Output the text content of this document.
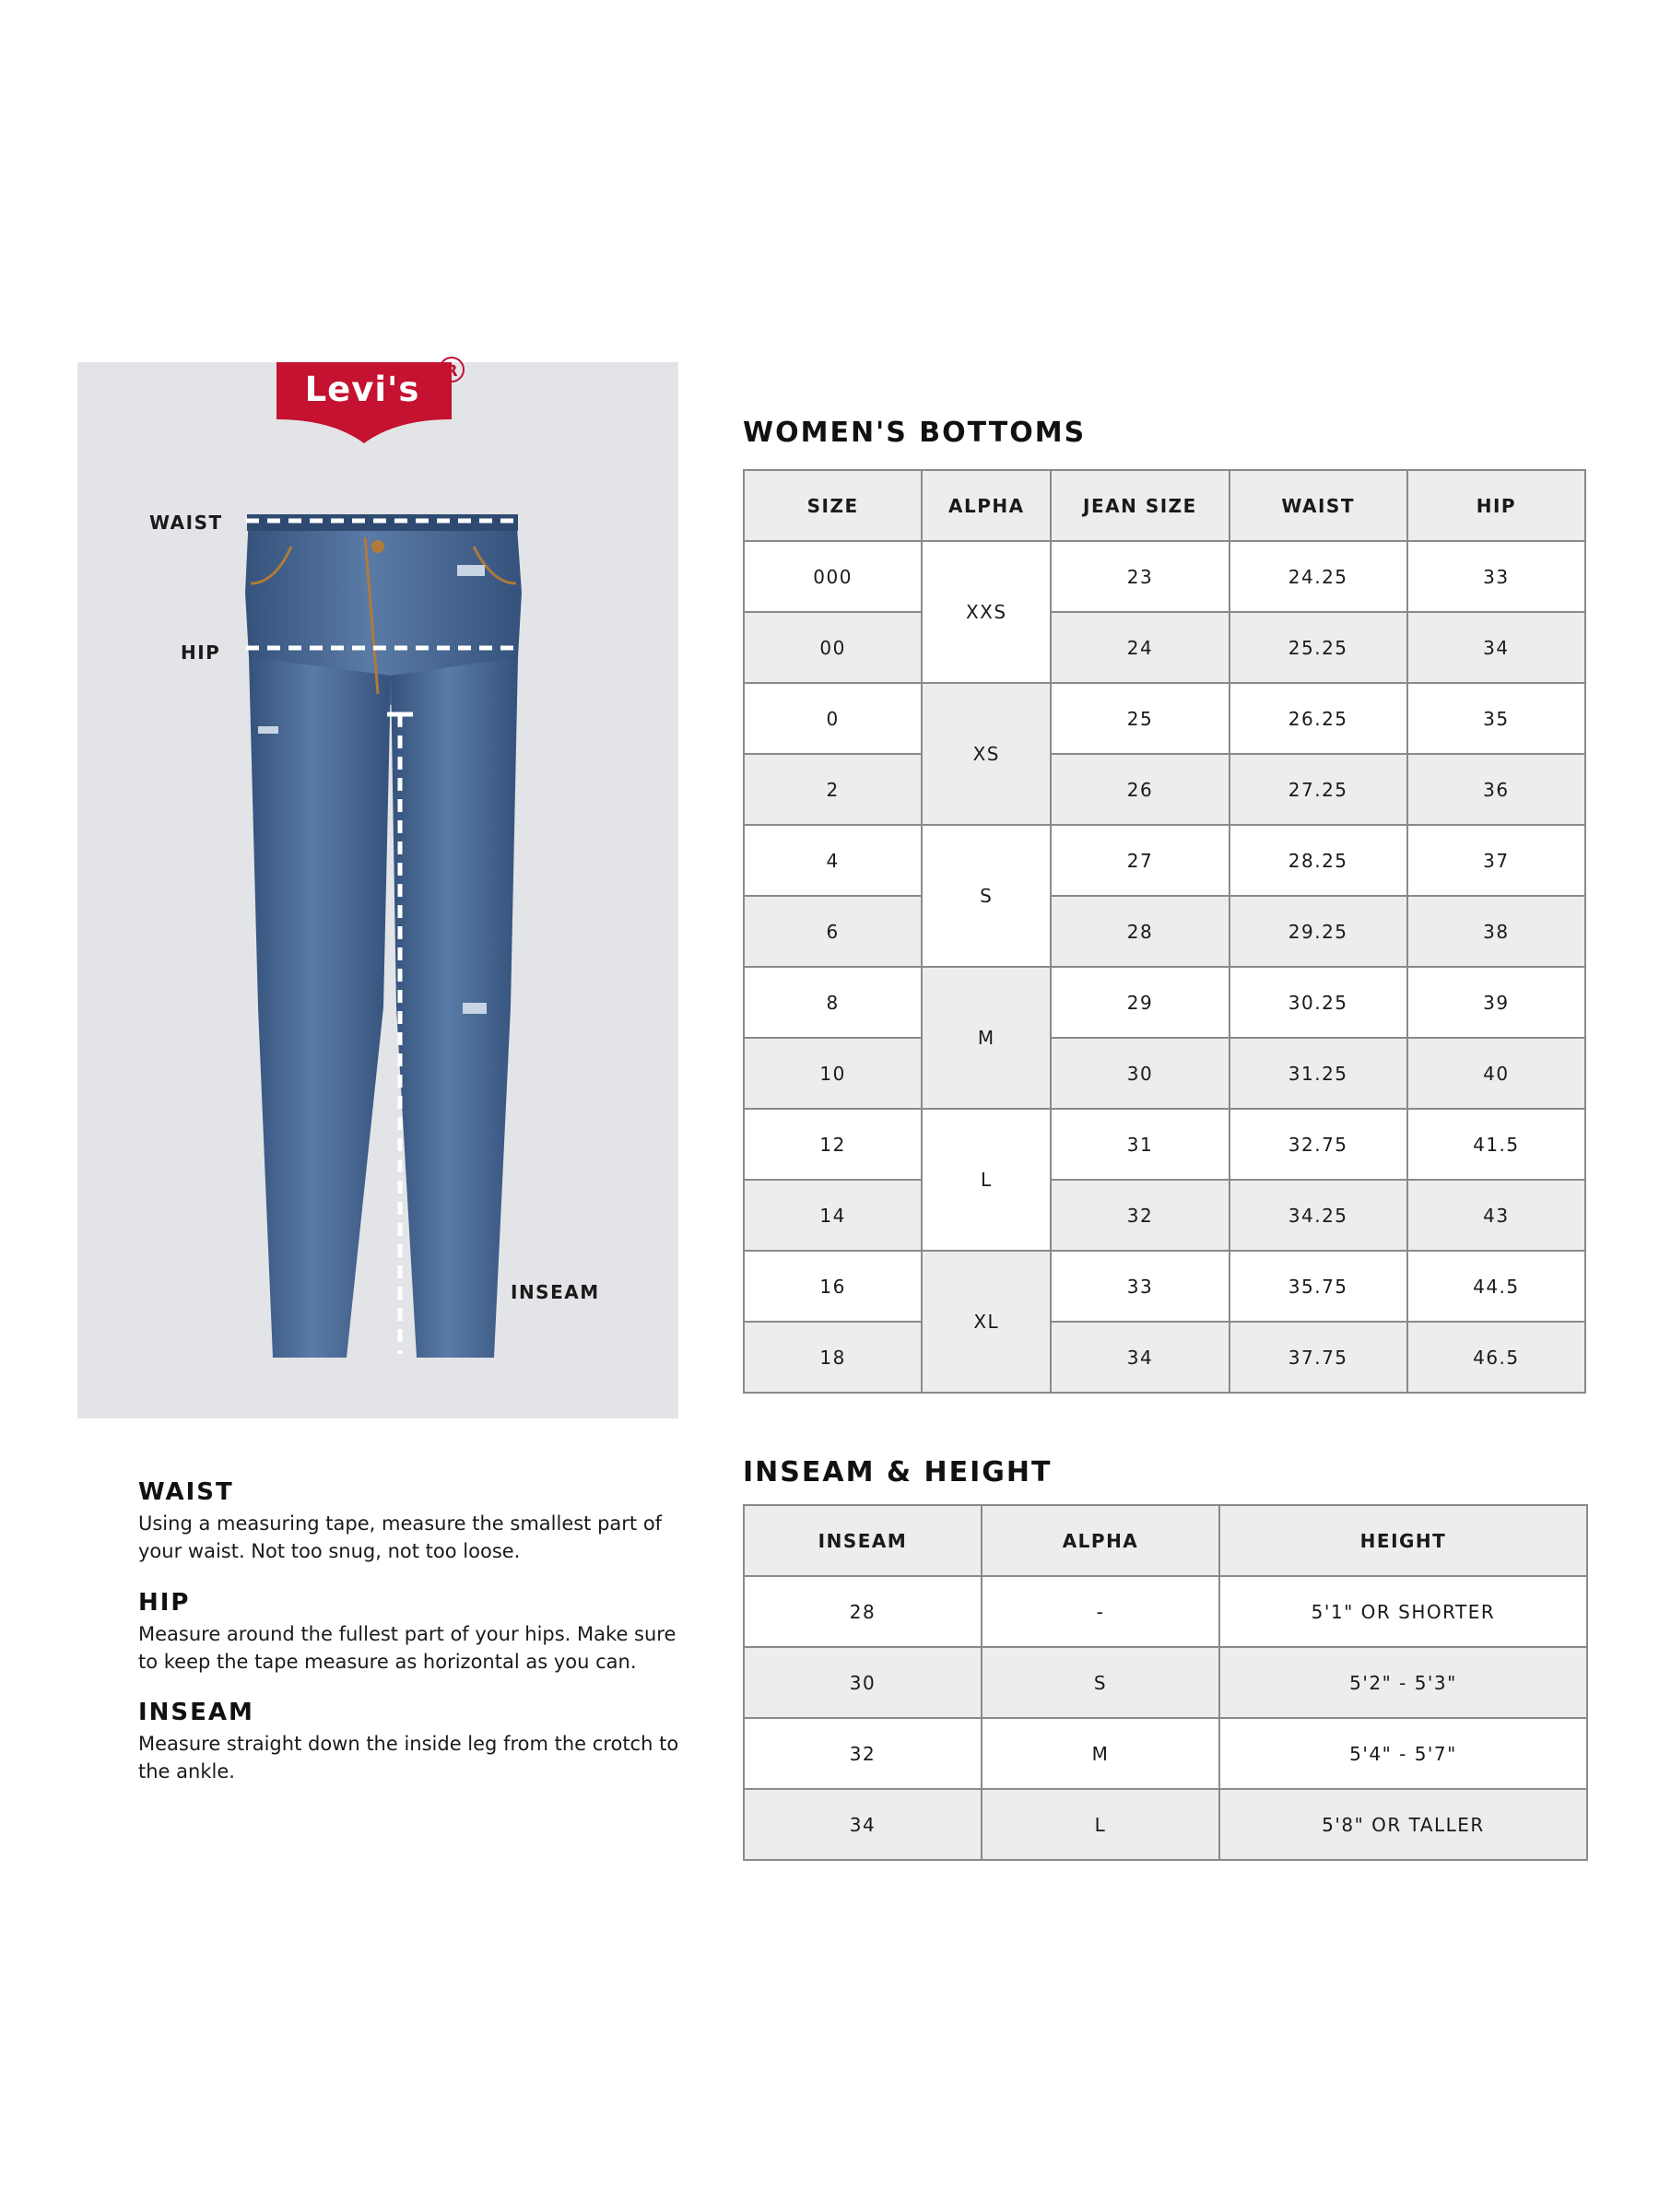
Levi's	R
WAIST
HIP
INSEAM
WOMEN'S BOTTOMS
SIZE	ALPHA	JEAN SIZE	WAIST	HIP
000	XXS	23	24.25	33
00		24	25.25	34
0	XS	25	26.25	35
2		26	27.25	36
4	S	27	28.25	37
6		28	29.25	38
8	M	29	30.25	39
10		30	31.25	40
12	L	31	32.75	41.5
14		32	34.25	43
16	XL	33	35.75	44.5
18		34	37.75	46.5
INSEAM & HEIGHT
INSEAM	ALPHA	HEIGHT
28	-	5'1" OR SHORTER
30	S	5'2" - 5'3"
32	M	5'4" - 5'7"
34	L	5'8" OR TALLER
WAIST

Using a measuring tape, measure the smallest part of your waist. Not too snug, not too loose.

HIP

Measure around the fullest part of your hips. Make sure to keep the tape measure as horizontal as you can.

INSEAM

Measure straight down the inside leg from the crotch to the ankle.
